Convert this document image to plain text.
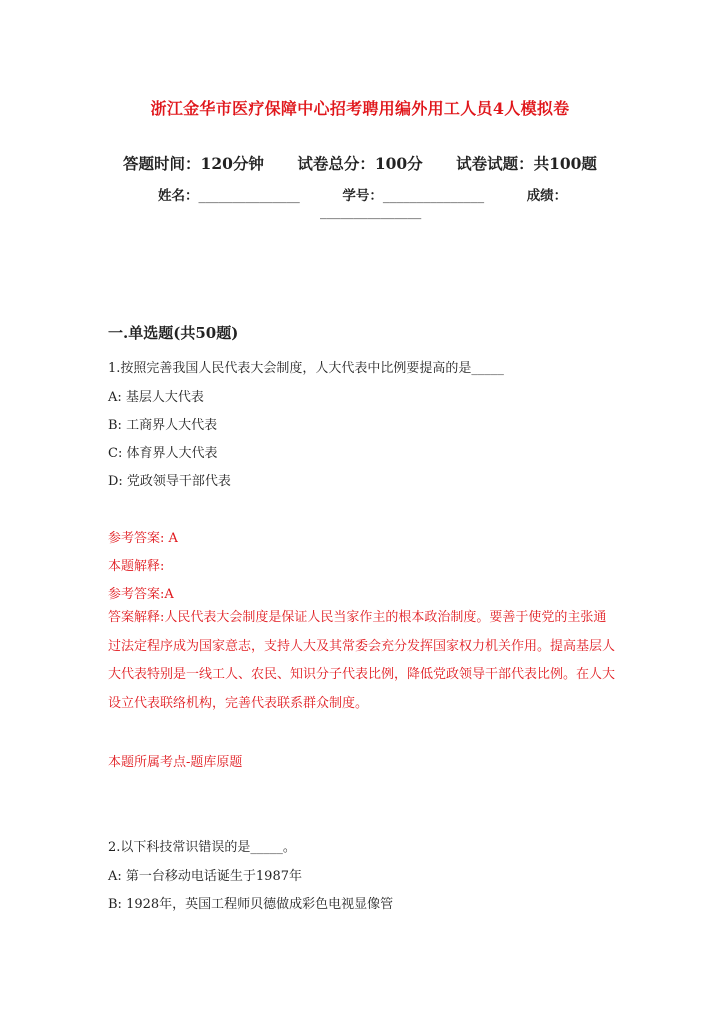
浙江金华市医疗保障中心招考聘用编外用工人员4人模拟卷
答题时间：120分钟 试卷总分：100分 试卷试题：共100题
姓名：_______________	学号：_______________	成绩：
_______________
一.单选题(共50题)
1.按照完善我国人民代表大会制度，人大代表中比例要提高的是_____
A: 基层人大代表
B: 工商界人大代表
C: 体育界人大代表
D: 党政领导干部代表
参考答案: A
本题解释:
参考答案:A
答案解释:人民代表大会制度是保证人民当家作主的根本政治制度。要善于使党的主张通过法定程序成为国家意志，支持人大及其常委会充分发挥国家权力机关作用。提高基层人大代表特别是一线工人、农民、知识分子代表比例，降低党政领导干部代表比例。在人大设立代表联络机构，完善代表联系群众制度。
本题所属考点-题库原题
2.以下科技常识错误的是_____。
A: 第一台移动电话诞生于1987年
B: 1928年，英国工程师贝德做成彩色电视显像管
